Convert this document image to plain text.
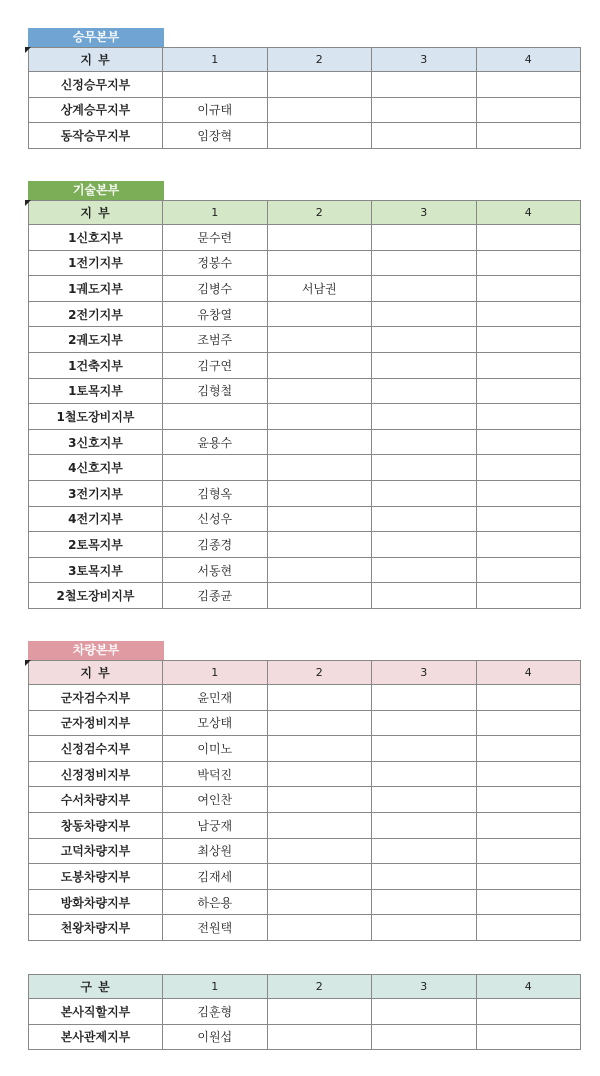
승무본부
지 부	1	2	3	4
신정승무지부				
상계승무지부	이규태			
동작승무지부	임장혁			
기술본부
지 부	1	2	3	4
1신호지부	문수련			
1전기지부	정봉수			
1궤도지부	김병수	서남권		
2전기지부	유창열			
2궤도지부	조범주			
1건축지부	김구연			
1토목지부	김형철			
1철도장비지부				
3신호지부	윤용수			
4신호지부				
3전기지부	김형옥			
4전기지부	신성우			
2토목지부	김종경			
3토목지부	서동현			
2철도장비지부	김종균			
차량본부
지 부	1	2	3	4
군자검수지부	윤민재			
군자정비지부	모상태			
신정검수지부	이미노			
신정정비지부	박덕진			
수서차량지부	여인찬			
창동차량지부	남궁재			
고덕차량지부	최상원			
도봉차량지부	김재세			
방화차량지부	하은용			
천왕차량지부	전원택			
구 분	1	2	3	4
본사직할지부	김훈형			
본사관제지부	이원섭			
